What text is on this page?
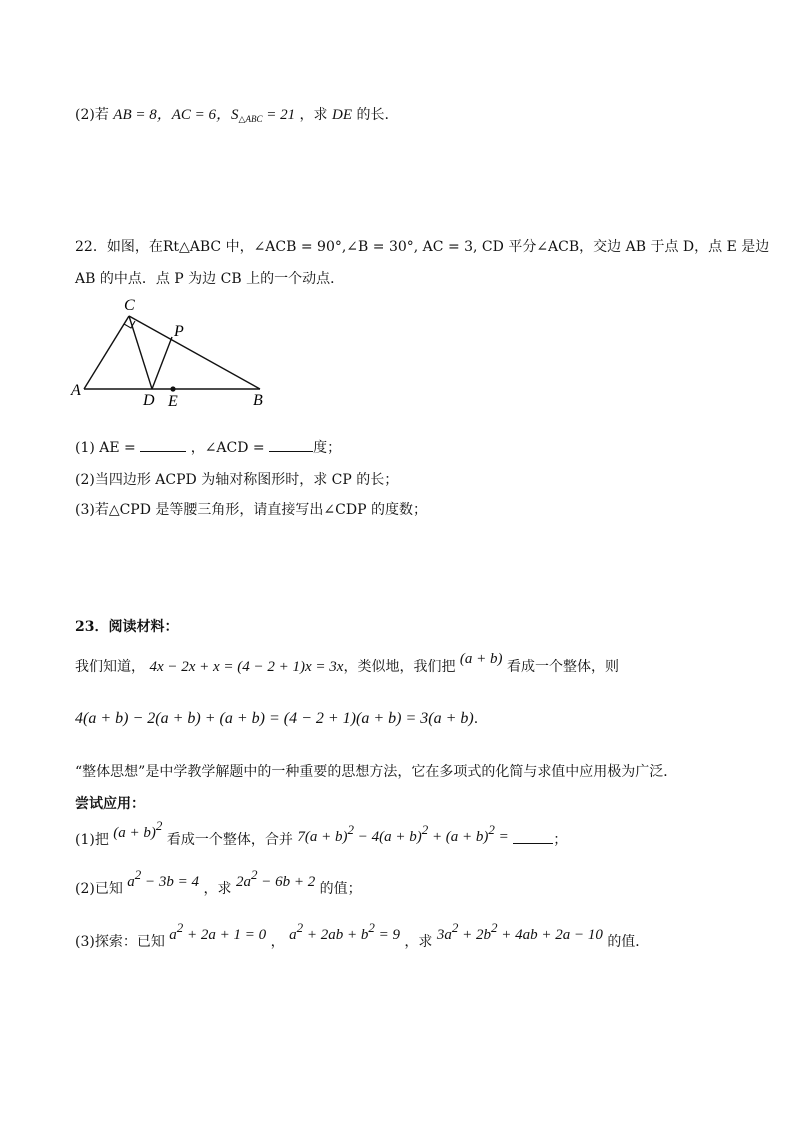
(2)若 AB = 8，AC = 6，$S_{\triangle ABC} = 21$ ，求 DE 的长.
22．如图，在Rt△ABC 中，∠ACB = 90°,∠B = 30°, AC = 3, CD 平分∠ACB，交边 AB 于点 D，点 E 是边
AB 的中点．点 P 为边 CB 上的一个动点．
C
P
A
D E	B
(1) AE =	，∠ACD =	度；
(2)当四边形 ACPD 为轴对称图形时，求 CP 的长；
(3)若△CPD 是等腰三角形，请直接写出∠CDP 的度数；
23．阅读材料：
我们知道， 4x − 2x + x = (4 − 2 + 1)x = 3x，类似地，我们把 (a + b) 看成一个整体，则
4(a + b) − 2(a + b) + (a + b) = (4 − 2 + 1)(a + b) = 3(a + b).
“整体思想”是中学教学解题中的一种重要的思想方法，它在多项式的化简与求值中应用极为广泛．
尝试应用：
(1)把 (a + b)2 看成一个整体，合并 7(a + b)2 − 4(a + b)2 + (a + b)2 =	；
(2)已知 a2 − 3b = 4 ，求 2a2 − 6b + 2 的值；
(3)探索：已知 a2 + 2a + 1 = 0 ， a2 + 2ab + b2 = 9 ，求 3a2 + 2b2 + 4ab + 2a − 10 的值．
